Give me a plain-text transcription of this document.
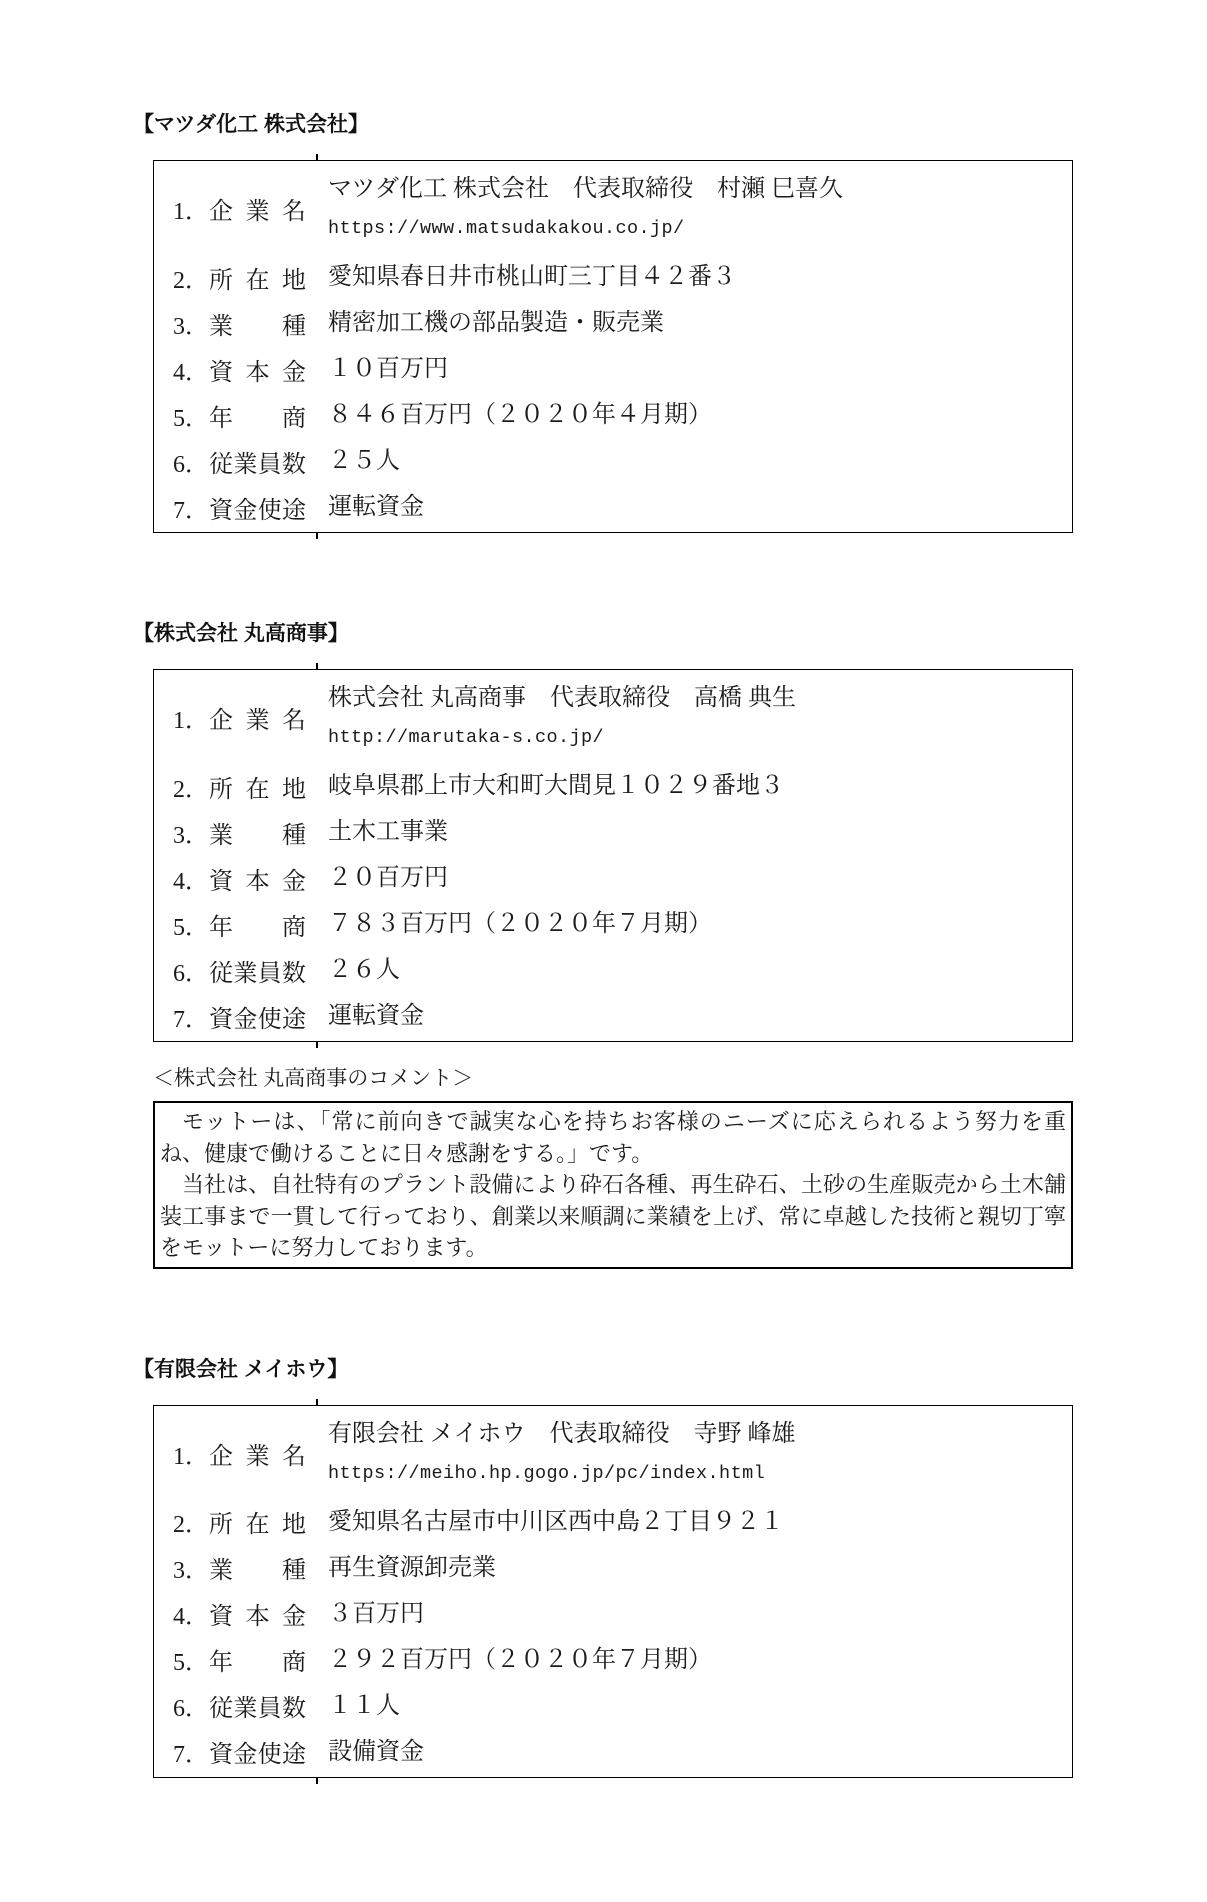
【マツダ化工 株式会社】
1．企業名
マツダ化工 株式会社　代表取締役　村瀬 巳喜久
https://www.matsudakakou.co.jp/
2．所在地 愛知県春日井市桃山町三丁目４２番３
3．業種 精密加工機の部品製造・販売業
4．資本金 １０百万円
5．年商 ８４６百万円（２０２０年４月期）
6．従業員数 ２５人
7．資金使途 運転資金
【株式会社 丸高商事】
1．企業名
株式会社 丸高商事　代表取締役　高橋 典生
http://marutaka-s.co.jp/
2．所在地 岐阜県郡上市大和町大間見１０２９番地３
3．業種 土木工事業
4．資本金 ２０百万円
5．年商 ７８３百万円（２０２０年７月期）
6．従業員数 ２６人
7．資金使途 運転資金
＜株式会社 丸高商事のコメント＞

モットーは、「常に前向きで誠実な心を持ちお客様のニーズに応えられるよう努力を重ね、健康で働けることに日々感謝をする。」です。

当社は、自社特有のプラント設備により砕石各種、再生砕石、土砂の生産販売から土木舗装工事まで一貫して行っており、創業以来順調に業績を上げ、常に卓越した技術と親切丁寧をモットーに努力しております。

【有限会社 メイホウ】
1．企業名
有限会社 メイホウ　代表取締役　寺野 峰雄
https://meiho.hp.gogo.jp/pc/index.html
2．所在地 愛知県名古屋市中川区西中島２丁目９２１
3．業種 再生資源卸売業
4．資本金 ３百万円
5．年商 ２９２百万円（２０２０年７月期）
6．従業員数 １１人
7．資金使途 設備資金
